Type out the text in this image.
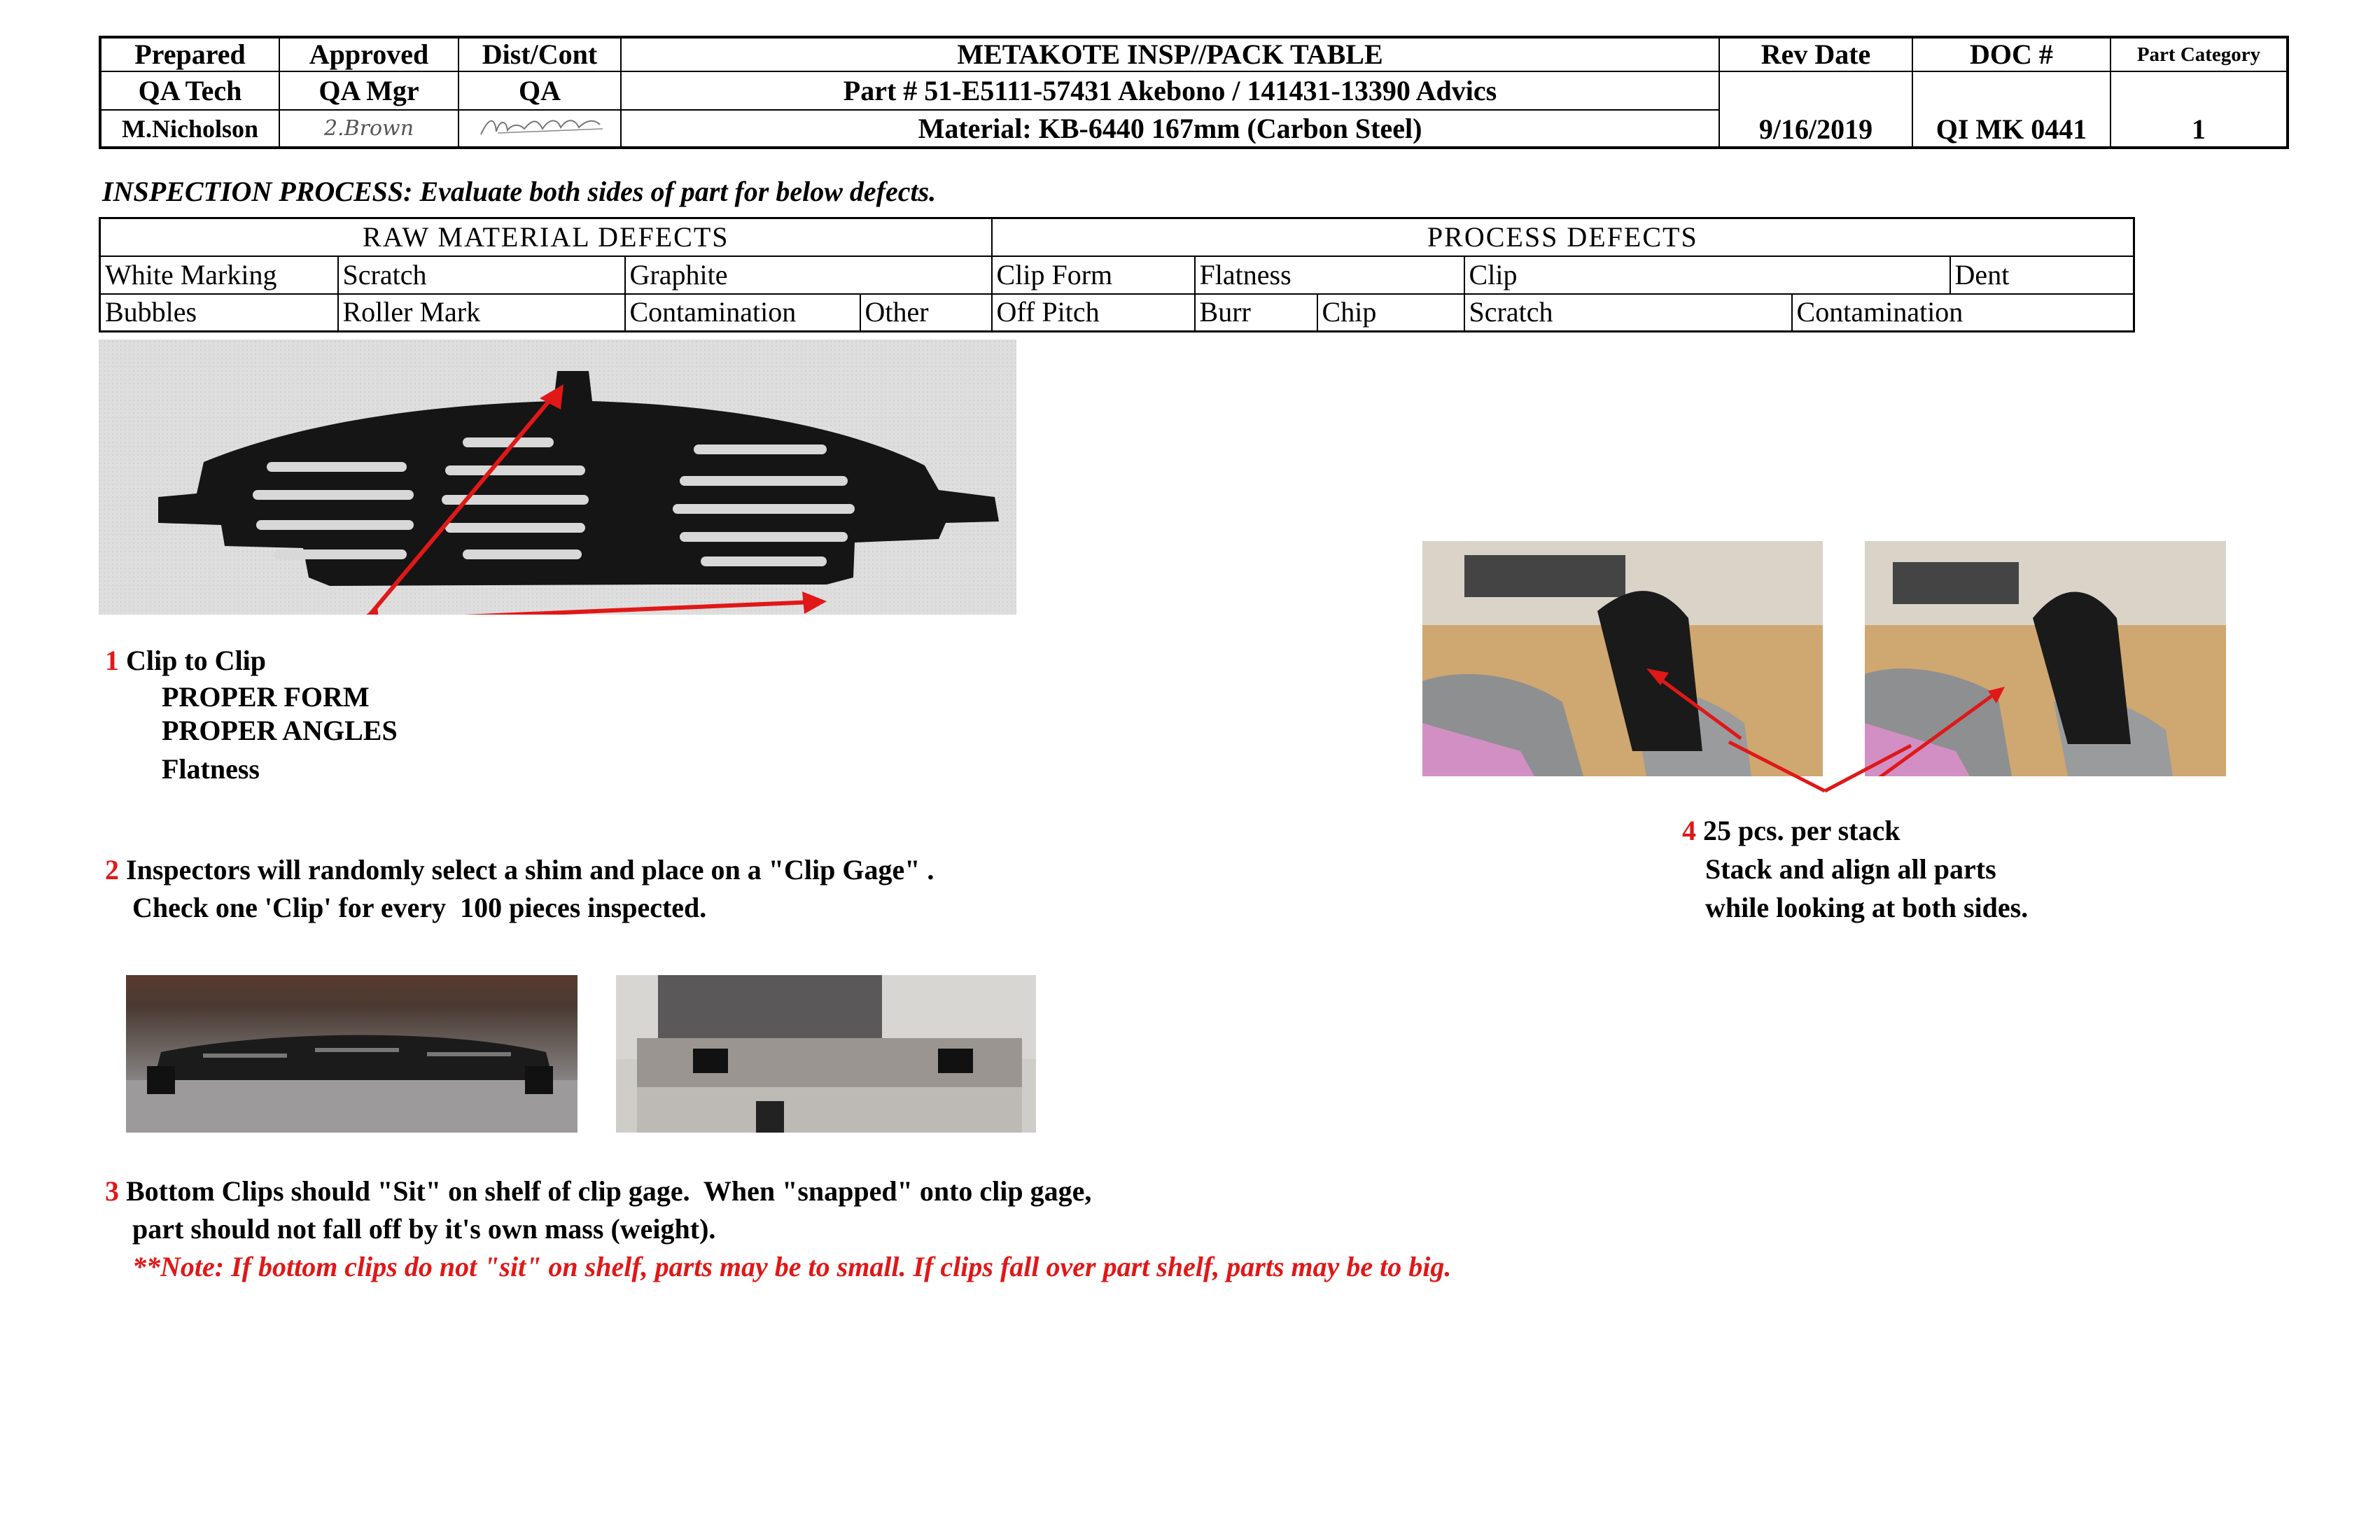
Prepared	Approved	Dist/Cont	METAKOTE INSP//PACK TABLE	Rev Date	DOC #	Part Category
QA Tech	QA Mgr	QA	Part # 51-E5111-57431 Akebono / 141431-13390 Advics	9/16/2019	QI MK 0441	1
M.Nicholson	2.Brown		Material: KB-6440 167mm (Carbon Steel)			
INSPECTION PROCESS: Evaluate both sides of part for below defects.
RAW MATERIAL DEFECTS				PROCESS DEFECTS					
White Marking	Scratch	Graphite		Clip Form	Flatness		Clip		Dent
Bubbles	Roller Mark	Contamination	Other	Off Pitch	Burr	Chip	Scratch	Contamination	
1 Clip to Clip
PROPER FORM
PROPER ANGLES
Flatness
2 Inspectors will randomly select a shim and place on a "Clip Gage" .
Check one 'Clip' for every  100 pieces inspected.
3 Bottom Clips should "Sit" on shelf of clip gage.  When "snapped" onto clip gage,
part should not fall off by it's own mass (weight).
**Note: If bottom clips do not "sit" on shelf, parts may be to small. If clips fall over part shelf, parts may be to big.
4 25 pcs. per stack
Stack and align all parts
while looking at both sides.
